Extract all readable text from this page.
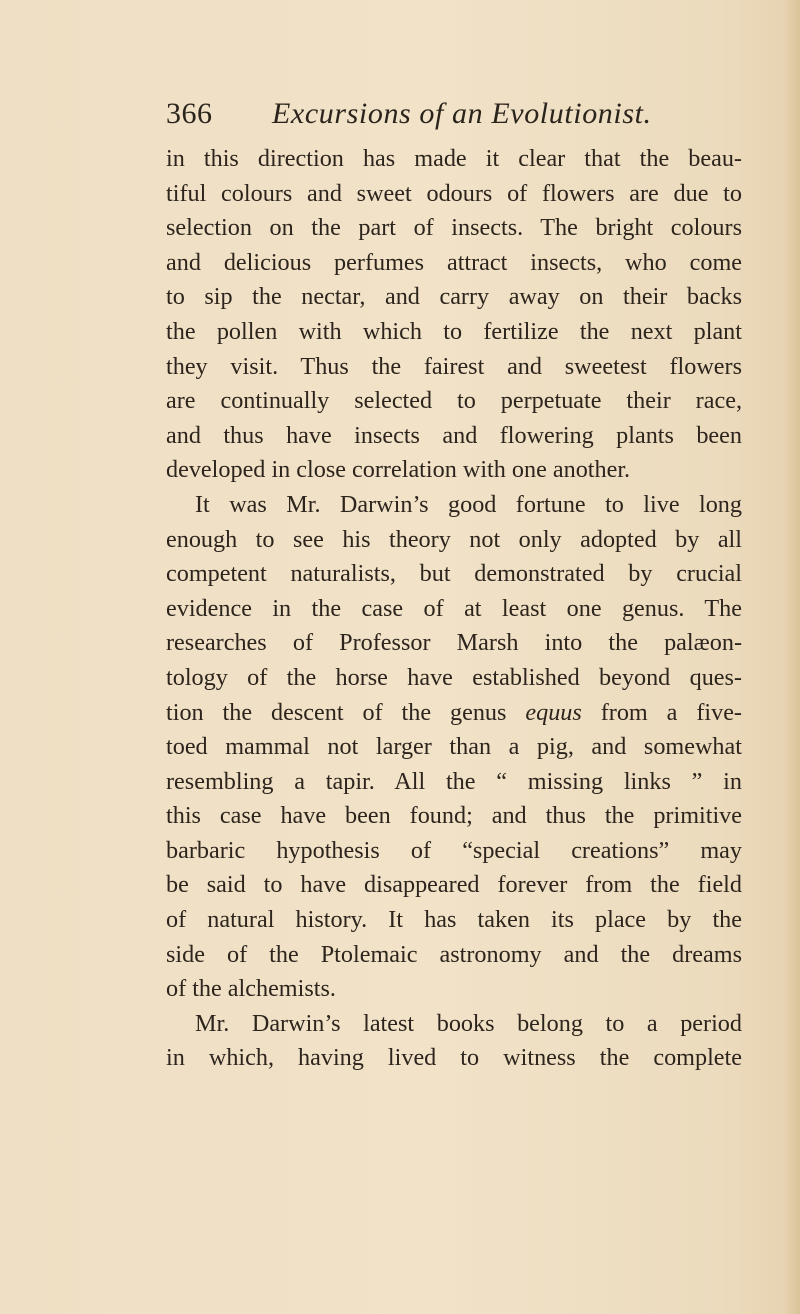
366 Excursions of an Evolutionist.
in this direction has made it clear that the beau-
tiful colours and sweet odours of flowers are due to
selection on the part of insects. The bright colours
and delicious perfumes attract insects, who come
to sip the nectar, and carry away on their backs
the pollen with which to fertilize the next plant
they visit. Thus the fairest and sweetest flowers
are continually selected to perpetuate their race,
and thus have insects and flowering plants been
developed in close correlation with one another.
It was Mr. Darwin’s good fortune to live long
enough to see his theory not only adopted by all
competent naturalists, but demonstrated by crucial
evidence in the case of at least one genus. The
researches of Professor Marsh into the palæon-
tology of the horse have established beyond ques-
tion the descent of the genus equus from a five-
toed mammal not larger than a pig, and somewhat
resembling a tapir. All the “ missing links ” in
this case have been found; and thus the primitive
barbaric hypothesis of “special creations” may
be said to have disappeared forever from the field
of natural history. It has taken its place by the
side of the Ptolemaic astronomy and the dreams
of the alchemists.
Mr. Darwin’s latest books belong to a period
in which, having lived to witness the complete
